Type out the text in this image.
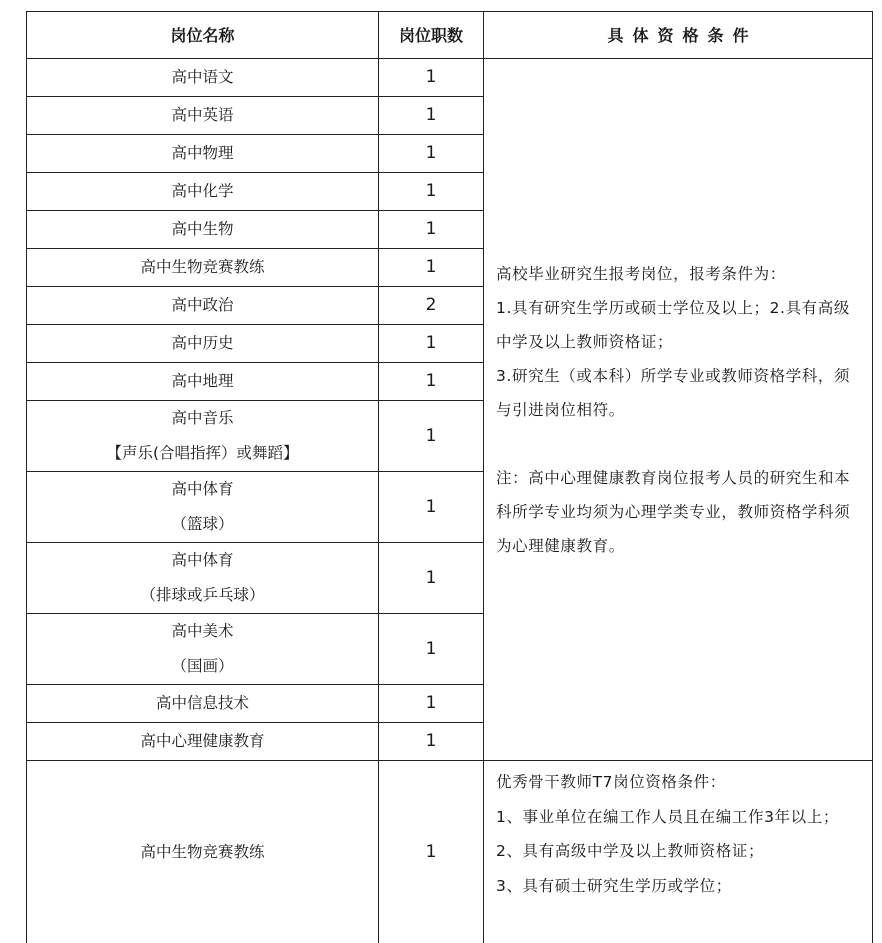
岗位名称	岗位职数	具体资格条件
高中语文	1	高校毕业研究生报考岗位，报考条件为：

1.具有研究生学历或硕士学位及以上；2.具有高级中学及以上教师资格证；

3.研究生（或本科）所学专业或教师资格学科，须与引进岗位相符。

注：高中心理健康教育岗位报考人员的研究生和本科所学专业均须为心理学类专业，教师资格学科须为心理健康教育。

高中英语	1	
高中物理	1	
高中化学	1	
高中生物	1	
高中生物竞赛教练	1	
高中政治	2	
高中历史	1	
高中地理	1	
高中音乐
【声乐(合唱指挥）或舞蹈】	1	
高中体育
（篮球）	1	
高中体育
（排球或乒乓球）	1	
高中美术
（国画）	1	
高中信息技术	1	
高中心理健康教育	1	
高中生物竞赛教练	1	优秀骨干教师T7岗位资格条件：

1、事业单位在编工作人员且在编工作3年以上；

2、具有高级中学及以上教师资格证；

3、具有硕士研究生学历或学位；
